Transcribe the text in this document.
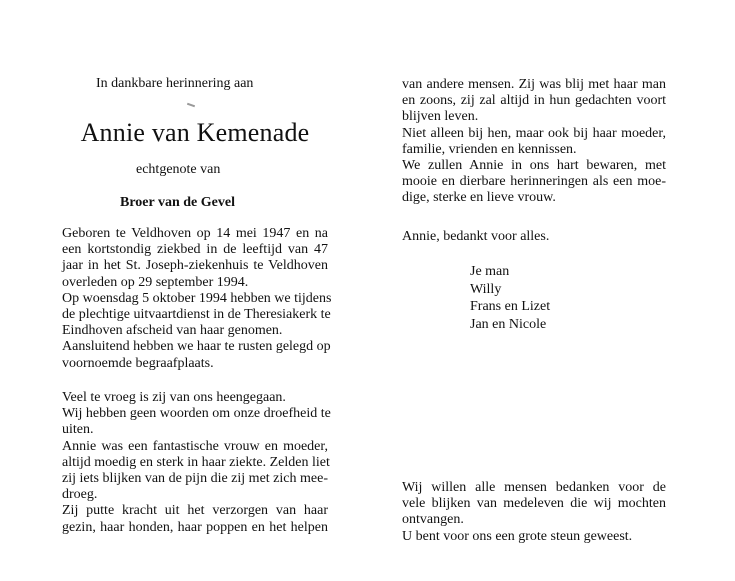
In dankbare herinnering aan
Annie van Kemenade
echtgenote van
Broer van de Gevel
Geboren te Veldhoven op 14 mei 1947 en na
een kortstondig ziekbed in de leeftijd van 47
jaar in het St. Joseph-ziekenhuis te Veldhoven
overleden op 29 september 1994.
Op woensdag 5 oktober 1994 hebben we tijdens
de plechtige uitvaartdienst in de Theresiakerk te
Eindhoven afscheid van haar genomen.
Aansluitend hebben we haar te rusten gelegd op
voornoemde begraafplaats.
Veel te vroeg is zij van ons heengegaan.
Wij hebben geen woorden om onze droefheid te
uiten.
Annie was een fantastische vrouw en moeder,
altijd moedig en sterk in haar ziekte. Zelden liet
zij iets blijken van de pijn die zij met zich mee-
droeg.
Zij putte kracht uit het verzorgen van haar
gezin, haar honden, haar poppen en het helpen
van andere mensen. Zij was blij met haar man
en zoons, zij zal altijd in hun gedachten voort
blijven leven.
Niet alleen bij hen, maar ook bij haar moeder,
familie, vrienden en kennissen.
We zullen Annie in ons hart bewaren, met
mooie en dierbare herinneringen als een moe-
dige, sterke en lieve vrouw.
Annie, bedankt voor alles.
Je man
Willy
Frans en Lizet
Jan en Nicole
Wij willen alle mensen bedanken voor de
vele blijken van medeleven die wij mochten
ontvangen.
U bent voor ons een grote steun geweest.
